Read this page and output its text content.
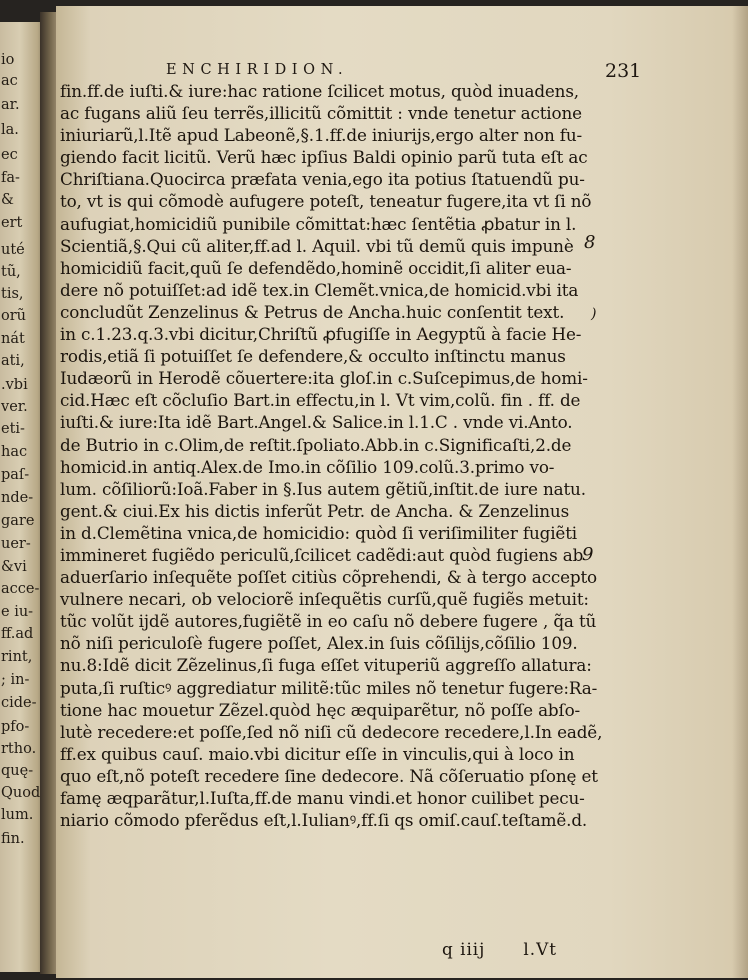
io
ac
ar.
la.
ec
fa-
&
ert
uté
tũ,
tis,
orũ
nát
ati,
.vbi
ver.
eti-
hac
paſ-
nde-
gare
uer-
&vi
acce-
e iu-
ff.ad
rint,
; in-
cide-
pfo-
rtho.
quę-
Quod
lum.
fin.
ENCHIRIDION.	231
fin.ff.de iuſti.& iure:hac ratione ſcilicet motus, quòd inuadens,
ac fugans aliũ ſeu terrẽs,illicitũ cõmittit : vnde tenetur actione
iniuriarũ,l.Itẽ apud Labeonẽ,§.1.ff.de iniurijs,ergo alter non fu-
giendo facit licitũ. Verũ hæc ipſius Baldi opinio parũ tuta eſt ac
Chriſtiana.Quocirca præfata venia,ego ita potius ſtatuendũ pu-
to, vt is qui cõmodè aufugere poteſt, teneatur fugere,ita vt ſi nõ
aufugiat,homicidiũ punibile cõmittat:hæc ſentẽtia ꝓbatur in l.
Scientiã,§.Qui cũ aliter,ff.ad l. Aquil. vbi tũ demũ quis impunè
homicidiũ facit,quũ ſe defendẽdo,hominẽ occidit,ſi aliter eua-
dere nõ potuiſſet:ad idẽ tex.in Clemẽt.vnica,de homicid.vbi ita
concludũt Zenzelinus & Petrus de Ancha.huic conſentit text.
in c.1.23.q.3.vbi dicitur,Chriſtũ ꝓfugiſſe in Aegyptũ à facie He-
rodis,etiã ſi potuiſſet ſe defendere,& occulto inſtinctu manus
Iudæorũ in Herodẽ cõuertere:ita gloſ.in c.Suſcepimus,de homi-
cid.Hæc eſt cõcluſio Bart.in effectu,in l. Vt vim,colũ. fin . ff. de
iuſti.& iure:Ita idẽ Bart.Angel.& Salice.in l.1.C . vnde vi.Anto.
de Butrio in c.Olim,de reſtit.ſpoliato.Abb.in c.Significaſti,2.de
homicid.in antiq.Alex.de Imo.in cõſilio 109.colũ.3.primo vo-
lum. cõſiliorũ:Ioã.Faber in §.Ius autem gẽtiũ,inſtit.de iure natu.
gent.& ciui.Ex his dictis inferũt Petr. de Ancha. & Zenzelinus
in d.Clemẽtina vnica,de homicidio: quòd ſi veriſimiliter fugiẽti
immineret fugiẽdo periculũ,ſcilicet cadẽdi:aut quòd fugiens ab
aduerſario inſequẽte poſſet citiùs cõprehendi, & à tergo accepto
vulnere necari, ob velociorẽ inſequẽtis curſũ,quẽ fugiẽs metuit:
tũc volũt ijdẽ autores,fugiẽtẽ in eo caſu nõ debere fugere , q̃a tũ
nõ niſi periculoſè fugere poſſet, Alex.in ſuis cõſilijs,cõſilio 109.
nu.8:Idẽ dicit Zẽzelinus,ſi fuga eſſet vituperiũ aggreſſo allatura:
puta,ſi ruſticꝰ aggrediatur militẽ:tũc miles nõ tenetur fugere:Ra-
tione hac mouetur Zẽzel.quòd hęc æquiparẽtur, nõ poſſe abſo-
lutè recedere:et poſſe,ſed nõ niſi cũ dedecore recedere,l.In eadẽ,
ff.ex quibus cauſ. maio.vbi dicitur eſſe in vinculis,qui à loco in
quo eſt,nõ poteſt recedere ſine dedecore. Nã cõſeruatio pſonę et
famę æqparãtur,l.Iuſta,ff.de manu vindi.et honor cuilibet pecu-
niario cõmodo pferẽdus eſt,l.Iulianꝰ,ff.ſi qs omiſ.cauſ.teſtamẽ.d.
q iiij      l.Vt
8
9
)
